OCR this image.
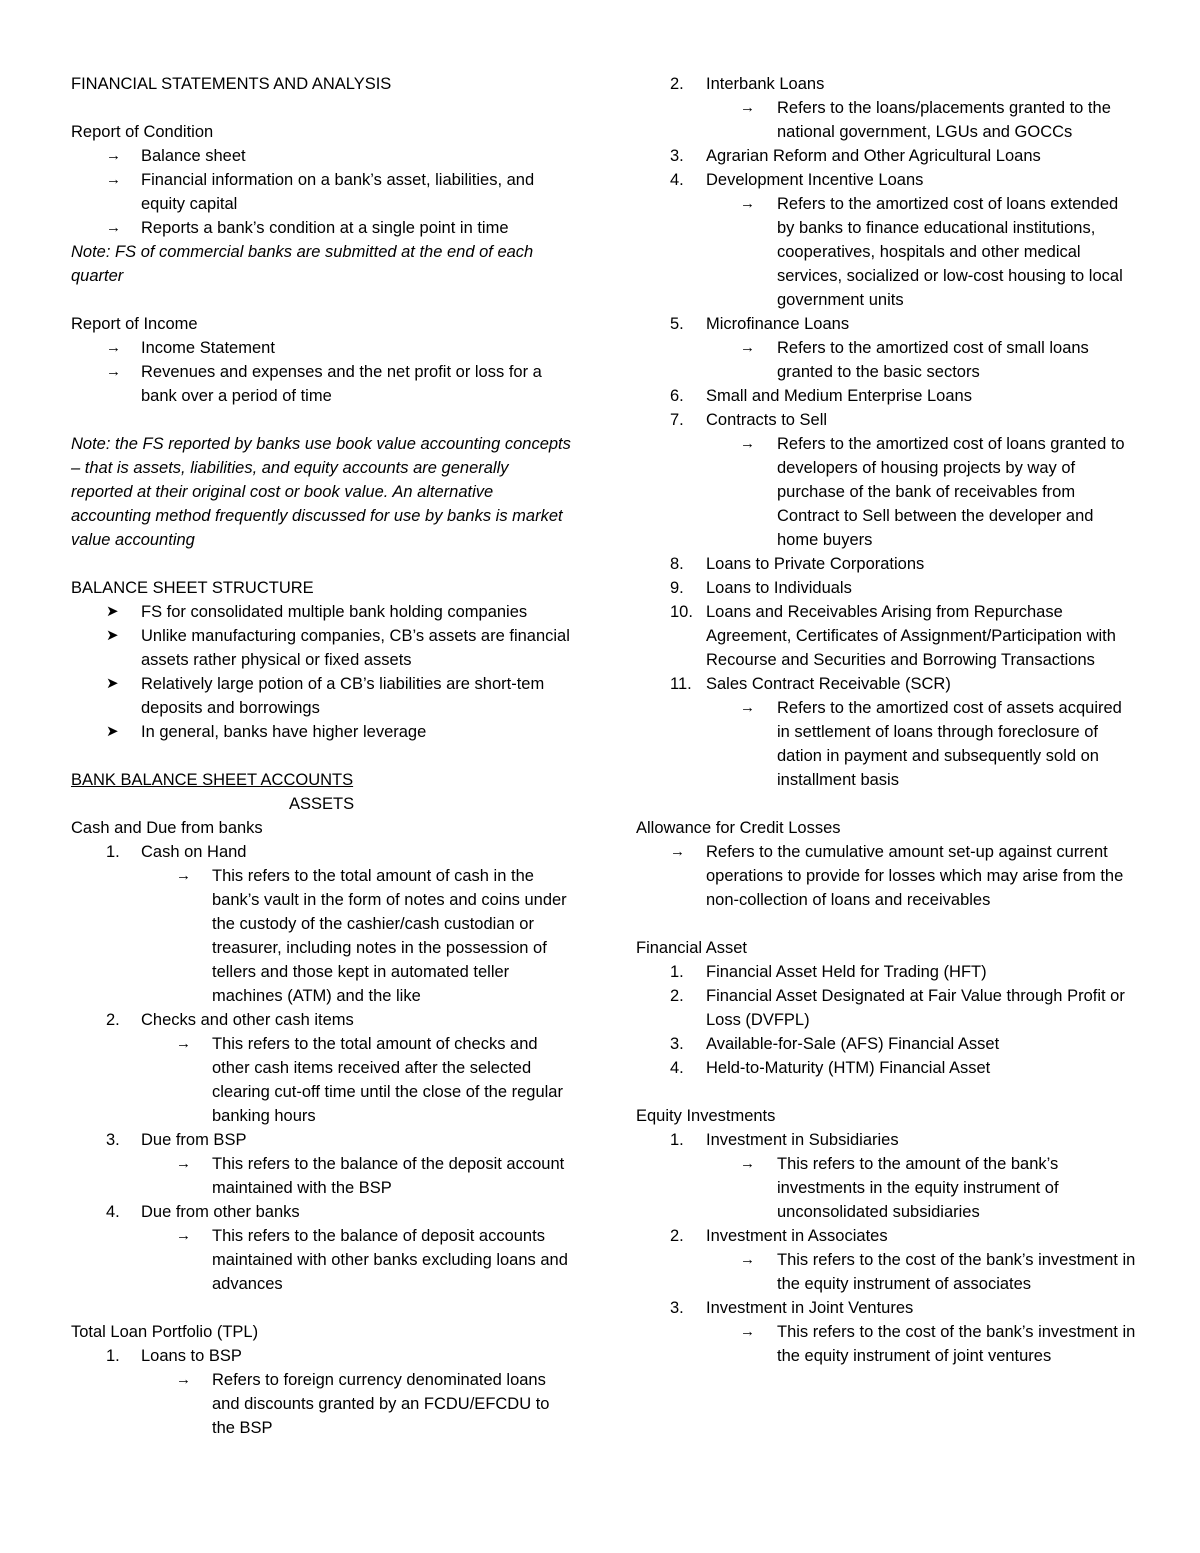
FINANCIAL STATEMENTS AND ANALYSIS
Report of Condition
→ Balance sheet
→ Financial information on a bank’s asset, liabilities, and equity capital
→ Reports a bank’s condition at a single point in time
Note: FS of commercial banks are submitted at the end of each quarter
Report of Income
→ Income Statement
→ Revenues and expenses and the net profit or loss for a bank over a period of time
Note: the FS reported by banks use book value accounting concepts – that is assets, liabilities, and equity accounts are generally reported at their original cost or book value. An alternative accounting method frequently discussed for use by banks is market value accounting
BALANCE SHEET STRUCTURE
➤ FS for consolidated multiple bank holding companies
➤ Unlike manufacturing companies, CB’s assets are financial assets rather physical or fixed assets
➤ Relatively large potion of a CB’s liabilities are short-tem deposits and borrowings
➤ In general, banks have higher leverage
BANK BALANCE SHEET ACCOUNTS
ASSETS
Cash and Due from banks
1.	Cash on Hand
→ This refers to the total amount of cash in the bank’s vault in the form of notes and coins under the custody of the cashier/cash custodian or treasurer, including notes in the possession of tellers and those kept in automated teller machines (ATM) and the like
2.	Checks and other cash items
→ This refers to the total amount of checks and other cash items received after the selected clearing cut-off time until the close of the regular banking hours
3.	Due from BSP
→ This refers to the balance of the deposit account maintained with the BSP
4.	Due from other banks
→ This refers to the balance of deposit accounts maintained with other banks excluding loans and advances
Total Loan Portfolio (TPL)
1.	Loans to BSP
→ Refers to foreign currency denominated loans and discounts granted by an FCDU/EFCDU to the BSP
2.	Interbank Loans
→ Refers to the loans/placements granted to the national government, LGUs and GOCCs
3.	Agrarian Reform and Other Agricultural Loans
4.	Development Incentive Loans
→ Refers to the amortized cost of loans extended by banks to finance educational institutions, cooperatives, hospitals and other medical services, socialized or low-cost housing to local government units
5.	Microfinance Loans
→ Refers to the amortized cost of small loans granted to the basic sectors
6.	Small and Medium Enterprise Loans
7.	Contracts to Sell
→ Refers to the amortized cost of loans granted to developers of housing projects by way of purchase of the bank of receivables from Contract to Sell between the developer and home buyers
8.	Loans to Private Corporations
9.	Loans to Individuals
10. Loans and Receivables Arising from Repurchase Agreement, Certificates of Assignment/Participation with Recourse and Securities and Borrowing Transactions
11. Sales Contract Receivable (SCR)
→ Refers to the amortized cost of assets acquired in settlement of loans through foreclosure of dation in payment and subsequently sold on installment basis
Allowance for Credit Losses
→ Refers to the cumulative amount set-up against current operations to provide for losses which may arise from the non-collection of loans and receivables
Financial Asset
1.	Financial Asset Held for Trading (HFT)
2.	Financial Asset Designated at Fair Value through Profit or Loss (DVFPL)
3.	Available-for-Sale (AFS) Financial Asset
4.	Held-to-Maturity (HTM) Financial Asset
Equity Investments
1.	Investment in Subsidiaries
→ This refers to the amount of the bank’s investments in the equity instrument of unconsolidated subsidiaries
2.	Investment in Associates
→ This refers to the cost of the bank’s investment in the equity instrument of associates
3.	Investment in Joint Ventures
→ This refers to the cost of the bank’s investment in the equity instrument of joint ventures
